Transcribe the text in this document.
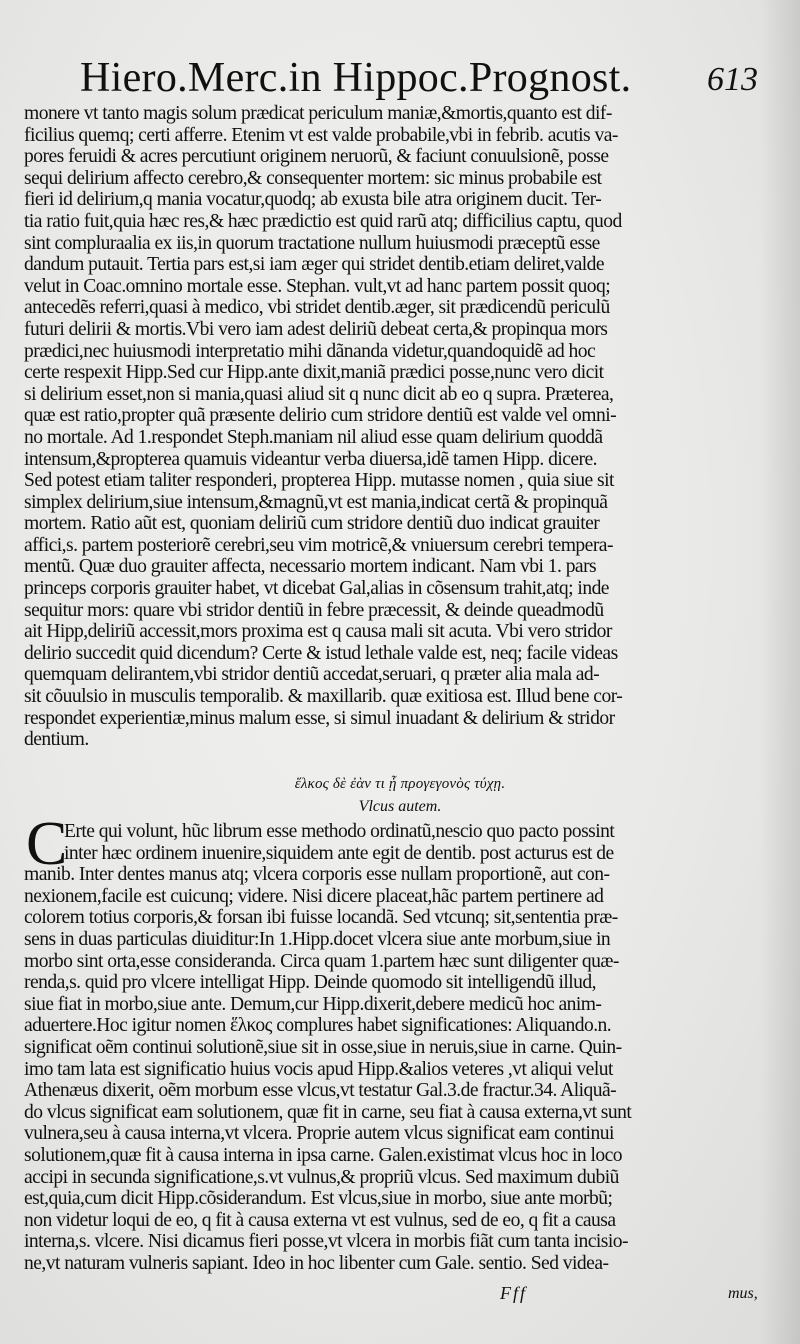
Hiero.Merc.in Hippoc.Prognost. 613
monere vt tanto magis solum prædicat periculum maniæ,&mortis,quanto est dif-
ficilius quemq; certi afferre. Etenim vt est valde probabile,vbi in febrib. acutis va-
pores feruidi & acres percutiunt originem neruorũ, & faciunt conuulsionẽ, posse
sequi delirium affecto cerebro,& consequenter mortem: sic minus probabile est
fieri id delirium,q mania vocatur,quodq; ab exusta bile atra originem ducit. Ter-
tia ratio fuit,quia hæc res,& hæc prædictio est quid rarũ atq; difficilius captu, quod
sint compluraalia ex iis,in quorum tractatione nullum huiusmodi præceptũ esse
dandum putauit. Tertia pars est,si iam æger qui stridet dentib.etiam deliret,valde
velut in Coac.omnino mortale esse. Stephan. vult,vt ad hanc partem possit quoq;
antecedẽs referri,quasi à medico, vbi stridet dentib.æger, sit prædicendũ periculũ
futuri delirii & mortis.Vbi vero iam adest deliriũ debeat certa,& propinqua mors
prædici,nec huiusmodi interpretatio mihi dãnanda videtur,quandoquidẽ ad hoc
certe respexit Hipp.Sed cur Hipp.ante dixit,maniã prædici posse,nunc vero dicit
si delirium esset,non si mania,quasi aliud sit q nunc dicit ab eo q supra. Præterea,
quæ est ratio,propter quã præsente delirio cum stridore dentiũ est valde vel omni-
no mortale. Ad 1.respondet Steph.maniam nil aliud esse quam delirium quoddã
intensum,&propterea quamuis videantur verba diuersa,idẽ tamen Hipp. dicere.
Sed potest etiam taliter responderi, propterea Hipp. mutasse nomen , quia siue sit
simplex delirium,siue intensum,&magnũ,vt est mania,indicat certã & propinquã
mortem. Ratio aũt est, quoniam deliriũ cum stridore dentiũ duo indicat grauiter
affici,s. partem posteriorẽ cerebri,seu vim motricẽ,& vniuersum cerebri tempera-
mentũ. Quæ duo grauiter affecta, necessario mortem indicant. Nam vbi 1. pars
princeps corporis grauiter habet, vt dicebat Gal,alias in cõsensum trahit,atq; inde
sequitur mors: quare vbi stridor dentiũ in febre præcessit, & deinde queadmodũ
ait Hipp,deliriũ accessit,mors proxima est q causa mali sit acuta. Vbi vero stridor
delirio succedit quid dicendum? Certe & istud lethale valde est, neq; facile videas
quemquam delirantem,vbi stridor dentiũ accedat,seruari, q præter alia mala ad-
sit cõuulsio in musculis temporalib. & maxillarib. quæ exitiosa est. Illud bene cor-
respondet experientiæ,minus malum esse, si simul inuadant & delirium & stridor
dentium.
ἕλκος δὲ ἐὰν τι ᾗ προγεγονὸς τύχῃ.
Vlcus autem.
C
Erte qui volunt, hũc librum esse methodo ordinatũ,nescio quo pacto possint
inter hæc ordinem inuenire,siquidem ante egit de dentib. post acturus est de
manib. Inter dentes manus atq; vlcera corporis esse nullam proportionẽ, aut con-
nexionem,facile est cuicunq; videre. Nisi dicere placeat,hãc partem pertinere ad
colorem totius corporis,& forsan ibi fuisse locandã. Sed vtcunq; sit,sententia præ-
sens in duas particulas diuiditur:In 1.Hipp.docet vlcera siue ante morbum,siue in
morbo sint orta,esse consideranda. Circa quam 1.partem hæc sunt diligenter quæ-
renda,s. quid pro vlcere intelligat Hipp. Deinde quomodo sit intelligendũ illud,
siue fiat in morbo,siue ante. Demum,cur Hipp.dixerit,debere medicũ hoc anim-
aduertere.Hoc igitur nomen ἕλκος complures habet significationes: Aliquando.n.
significat oẽm continui solutionẽ,siue sit in osse,siue in neruis,siue in carne. Quin-
imo tam lata est significatio huius vocis apud Hipp.&alios veteres ,vt aliqui velut
Athenæus dixerit, oẽm morbum esse vlcus,vt testatur Gal.3.de fractur.34. Aliquã-
do vlcus significat eam solutionem, quæ fit in carne, seu fiat à causa externa,vt sunt
vulnera,seu à causa interna,vt vlcera. Proprie autem vlcus significat eam continui
solutionem,quæ fit à causa interna in ipsa carne. Galen.existimat vlcus hoc in loco
accipi in secunda significatione,s.vt vulnus,& propriũ vlcus. Sed maximum dubiũ
est,quia,cum dicit Hipp.cõsiderandum. Est vlcus,siue in morbo, siue ante morbũ;
non videtur loqui de eo, q fit à causa externa vt est vulnus, sed de eo, q fit a causa
interna,s. vlcere. Nisi dicamus fieri posse,vt vlcera in morbis fiãt cum tanta incisio-
ne,vt naturam vulneris sapiant. Ideo in hoc libenter cum Gale. sentio. Sed videa-
Fff	mus,
